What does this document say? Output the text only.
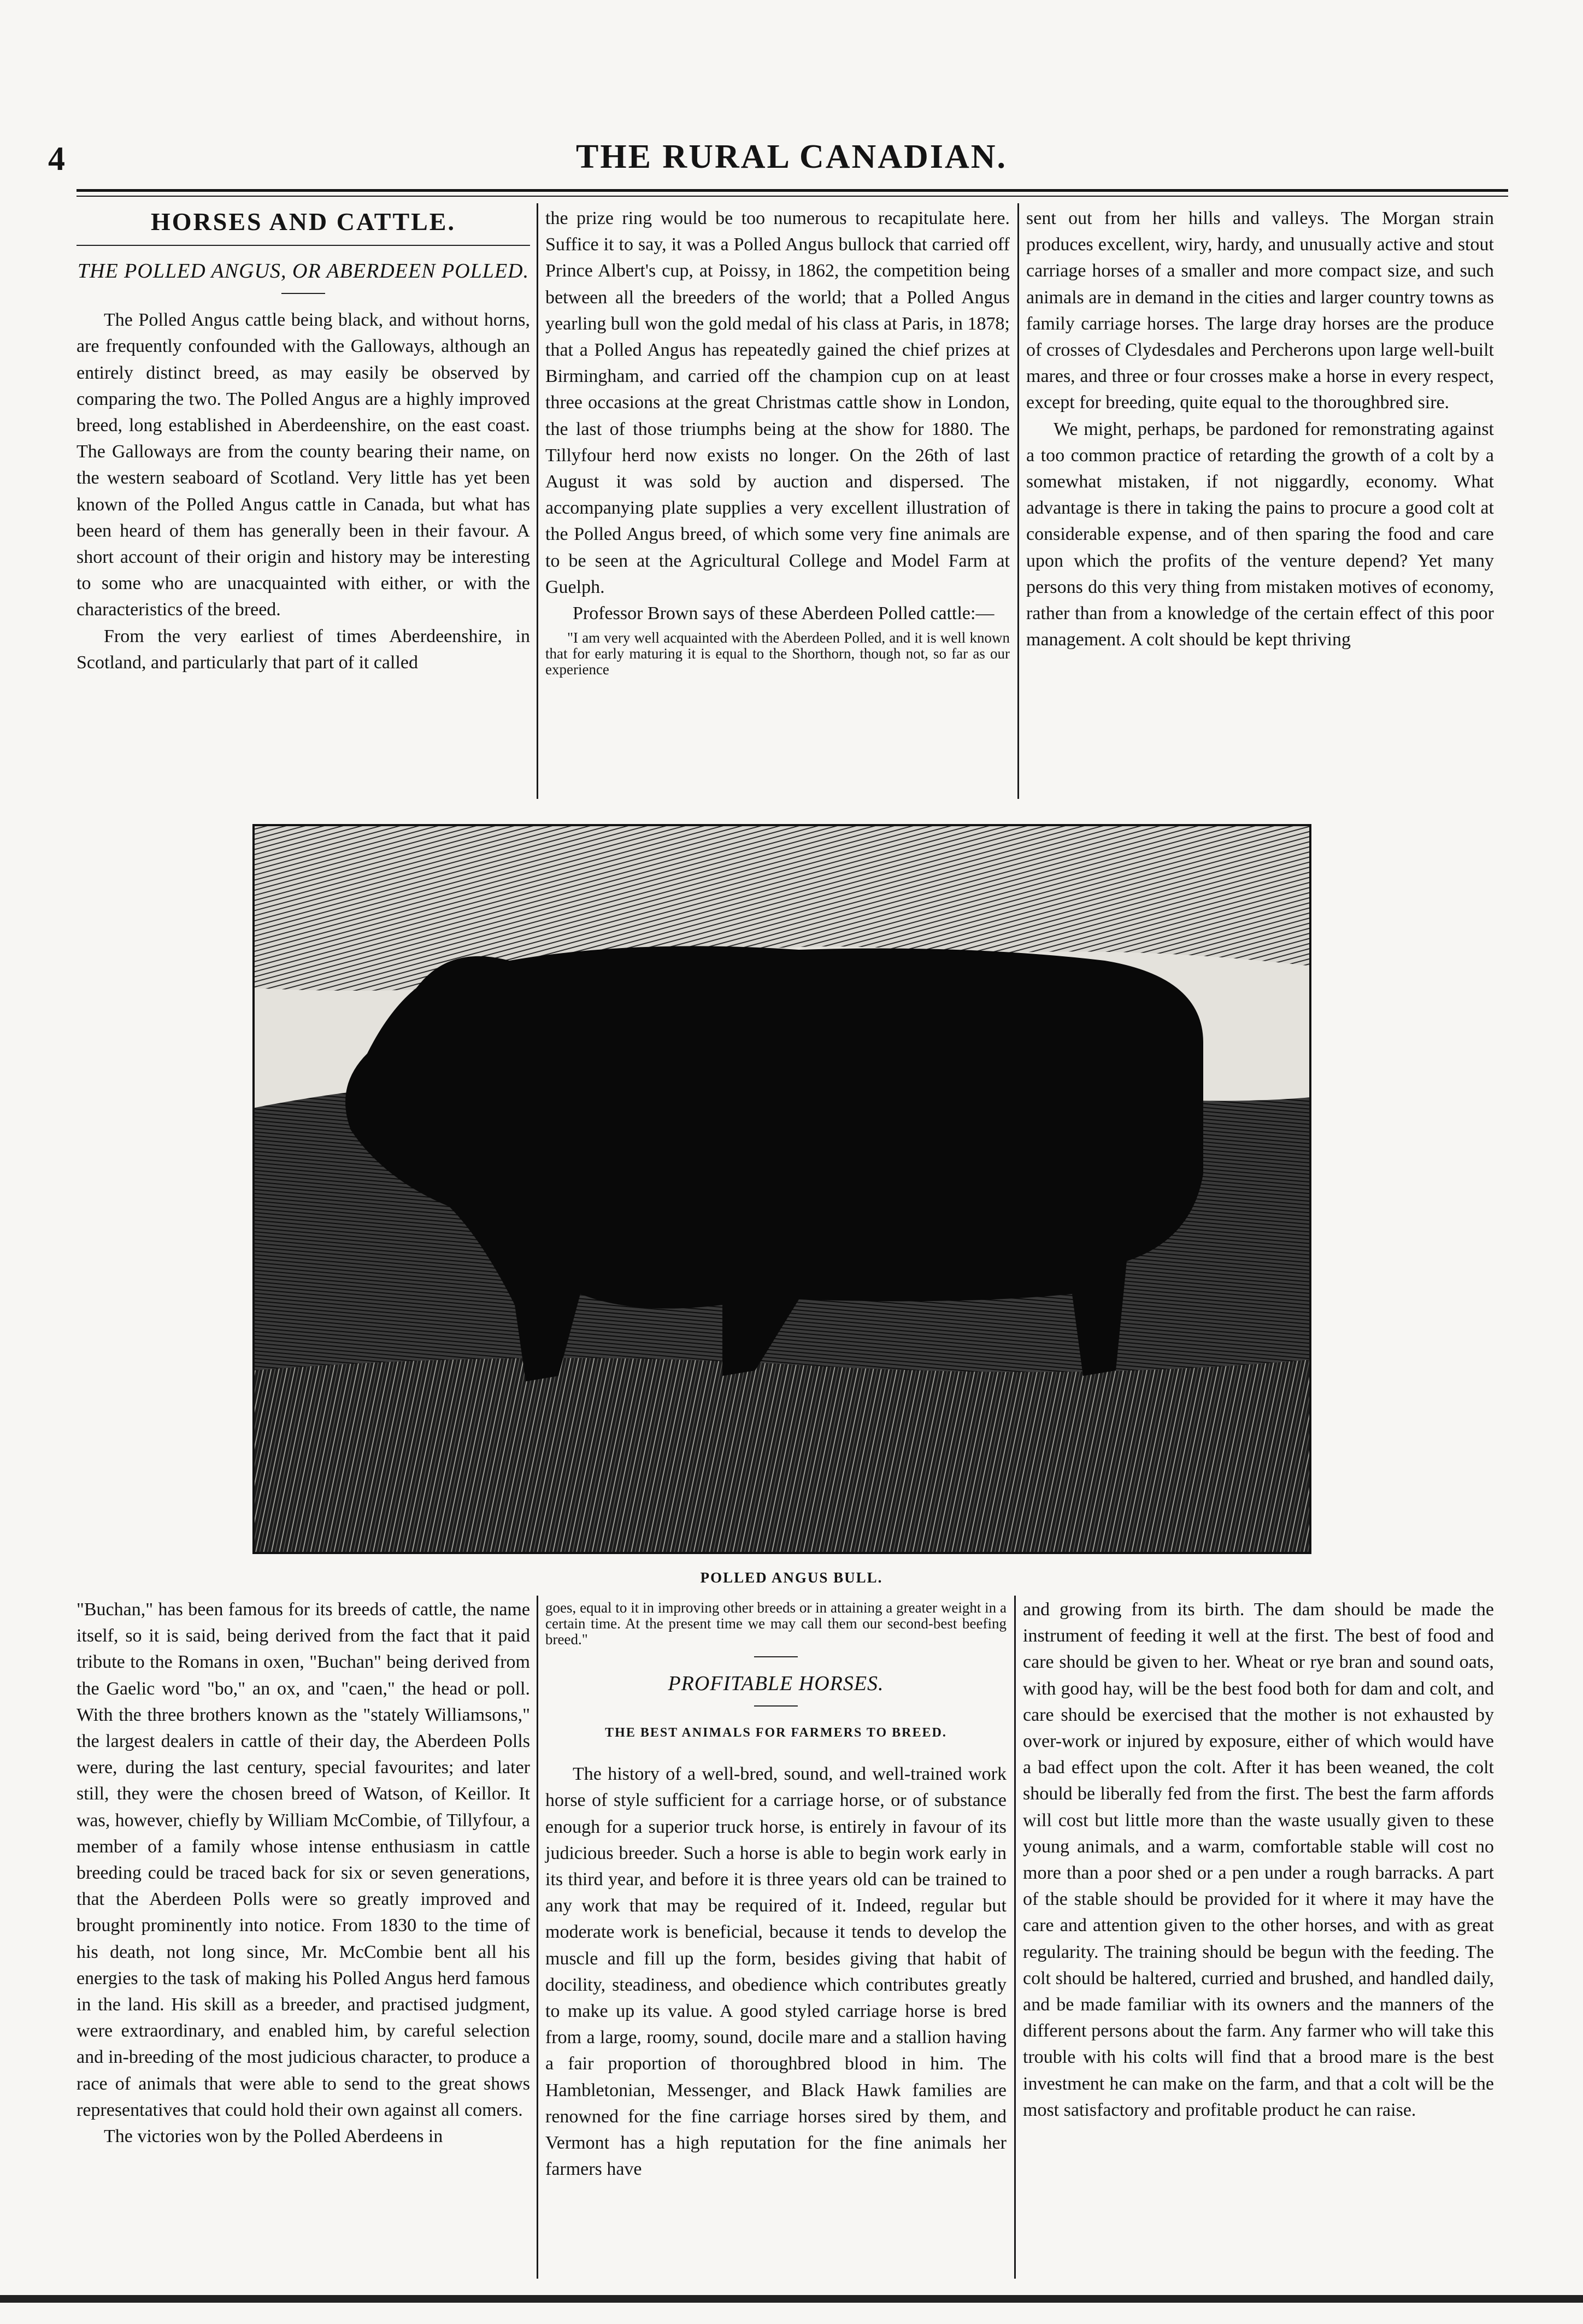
4	THE RURAL CANADIAN.
HORSES AND CATTLE.
THE POLLED ANGUS, OR ABERDEEN POLLED.

The Polled Angus cattle being black, and without horns, are frequently confounded with the Galloways, although an entirely distinct breed, as may easily be observed by comparing the two. The Polled Angus are a highly improved breed, long established in Aberdeenshire, on the east coast. The Galloways are from the county bearing their name, on the western seaboard of Scotland. Very little has yet been known of the Polled Angus cattle in Canada, but what has been heard of them has generally been in their favour. A short account of their origin and history may be interesting to some who are unacquainted with either, or with the characteristics of the breed.

From the very earliest of times Aberdeenshire, in Scotland, and particularly that part of it called

the prize ring would be too numerous to recapitulate here. Suffice it to say, it was a Polled Angus bullock that carried off Prince Albert's cup, at Poissy, in 1862, the competition being between all the breeders of the world; that a Polled Angus yearling bull won the gold medal of his class at Paris, in 1878; that a Polled Angus has repeatedly gained the chief prizes at Birmingham, and carried off the champion cup on at least three occasions at the great Christmas cattle show in London, the last of those triumphs being at the show for 1880. The Tillyfour herd now exists no longer. On the 26th of last August it was sold by auction and dispersed. The accompanying plate supplies a very excellent illustration of the Polled Angus breed, of which some very fine animals are to be seen at the Agricultural College and Model Farm at Guelph.

Professor Brown says of these Aberdeen Polled cattle:—

"I am very well acquainted with the Aberdeen Polled, and it is well known that for early maturing it is equal to the Shorthorn, though not, so far as our experience

sent out from her hills and valleys. The Morgan strain produces excellent, wiry, hardy, and unusually active and stout carriage horses of a smaller and more compact size, and such animals are in demand in the cities and larger country towns as family carriage horses. The large dray horses are the produce of crosses of Clydesdales and Percherons upon large well-built mares, and three or four crosses make a horse in every respect, except for breeding, quite equal to the thoroughbred sire.

We might, perhaps, be pardoned for remonstrating against a too common practice of retarding the growth of a colt by a somewhat mistaken, if not niggardly, economy. What advantage is there in taking the pains to procure a good colt at considerable expense, and of then sparing the food and care upon which the profits of the venture depend? Yet many persons do this very thing from mistaken motives of economy, rather than from a knowledge of the certain effect of this poor management. A colt should be kept thriving

POLLED ANGUS BULL.

"Buchan," has been famous for its breeds of cattle, the name itself, so it is said, being derived from the fact that it paid tribute to the Romans in oxen, "Buchan" being derived from the Gaelic word "bo," an ox, and "caen," the head or poll. With the three brothers known as the "stately Williamsons," the largest dealers in cattle of their day, the Aberdeen Polls were, during the last century, special favourites; and later still, they were the chosen breed of Watson, of Keillor. It was, however, chiefly by William McCombie, of Tillyfour, a member of a family whose intense enthusiasm in cattle breeding could be traced back for six or seven generations, that the Aberdeen Polls were so greatly improved and brought prominently into notice. From 1830 to the time of his death, not long since, Mr. McCombie bent all his energies to the task of making his Polled Angus herd famous in the land. His skill as a breeder, and practised judgment, were extraordinary, and enabled him, by careful selection and in-breeding of the most judicious character, to produce a race of animals that were able to send to the great shows representatives that could hold their own against all comers.

The victories won by the Polled Aberdeens in

goes, equal to it in improving other breeds or in attaining a greater weight in a certain time. At the present time we may call them our second-best beefing breed."
PROFITABLE HORSES.
THE BEST ANIMALS FOR FARMERS TO BREED.

The history of a well-bred, sound, and well-trained work horse of style sufficient for a carriage horse, or of substance enough for a superior truck horse, is entirely in favour of its judicious breeder. Such a horse is able to begin work early in its third year, and before it is three years old can be trained to any work that may be required of it. Indeed, regular but moderate work is beneficial, because it tends to develop the muscle and fill up the form, besides giving that habit of docility, steadiness, and obedience which contributes greatly to make up its value. A good styled carriage horse is bred from a large, roomy, sound, docile mare and a stallion having a fair proportion of thoroughbred blood in him. The Hambletonian, Messenger, and Black Hawk families are renowned for the fine carriage horses sired by them, and Vermont has a high reputation for the fine animals her farmers have

and growing from its birth. The dam should be made the instrument of feeding it well at the first. The best of food and care should be given to her. Wheat or rye bran and sound oats, with good hay, will be the best food both for dam and colt, and care should be exercised that the mother is not exhausted by over-work or injured by exposure, either of which would have a bad effect upon the colt. After it has been weaned, the colt should be liberally fed from the first. The best the farm affords will cost but little more than the waste usually given to these young animals, and a warm, comfortable stable will cost no more than a poor shed or a pen under a rough barracks. A part of the stable should be provided for it where it may have the care and attention given to the other horses, and with as great regularity. The training should be begun with the feeding. The colt should be haltered, curried and brushed, and handled daily, and be made familiar with its owners and the manners of the different persons about the farm. Any farmer who will take this trouble with his colts will find that a brood mare is the best investment he can make on the farm, and that a colt will be the most satisfactory and profitable product he can raise.
